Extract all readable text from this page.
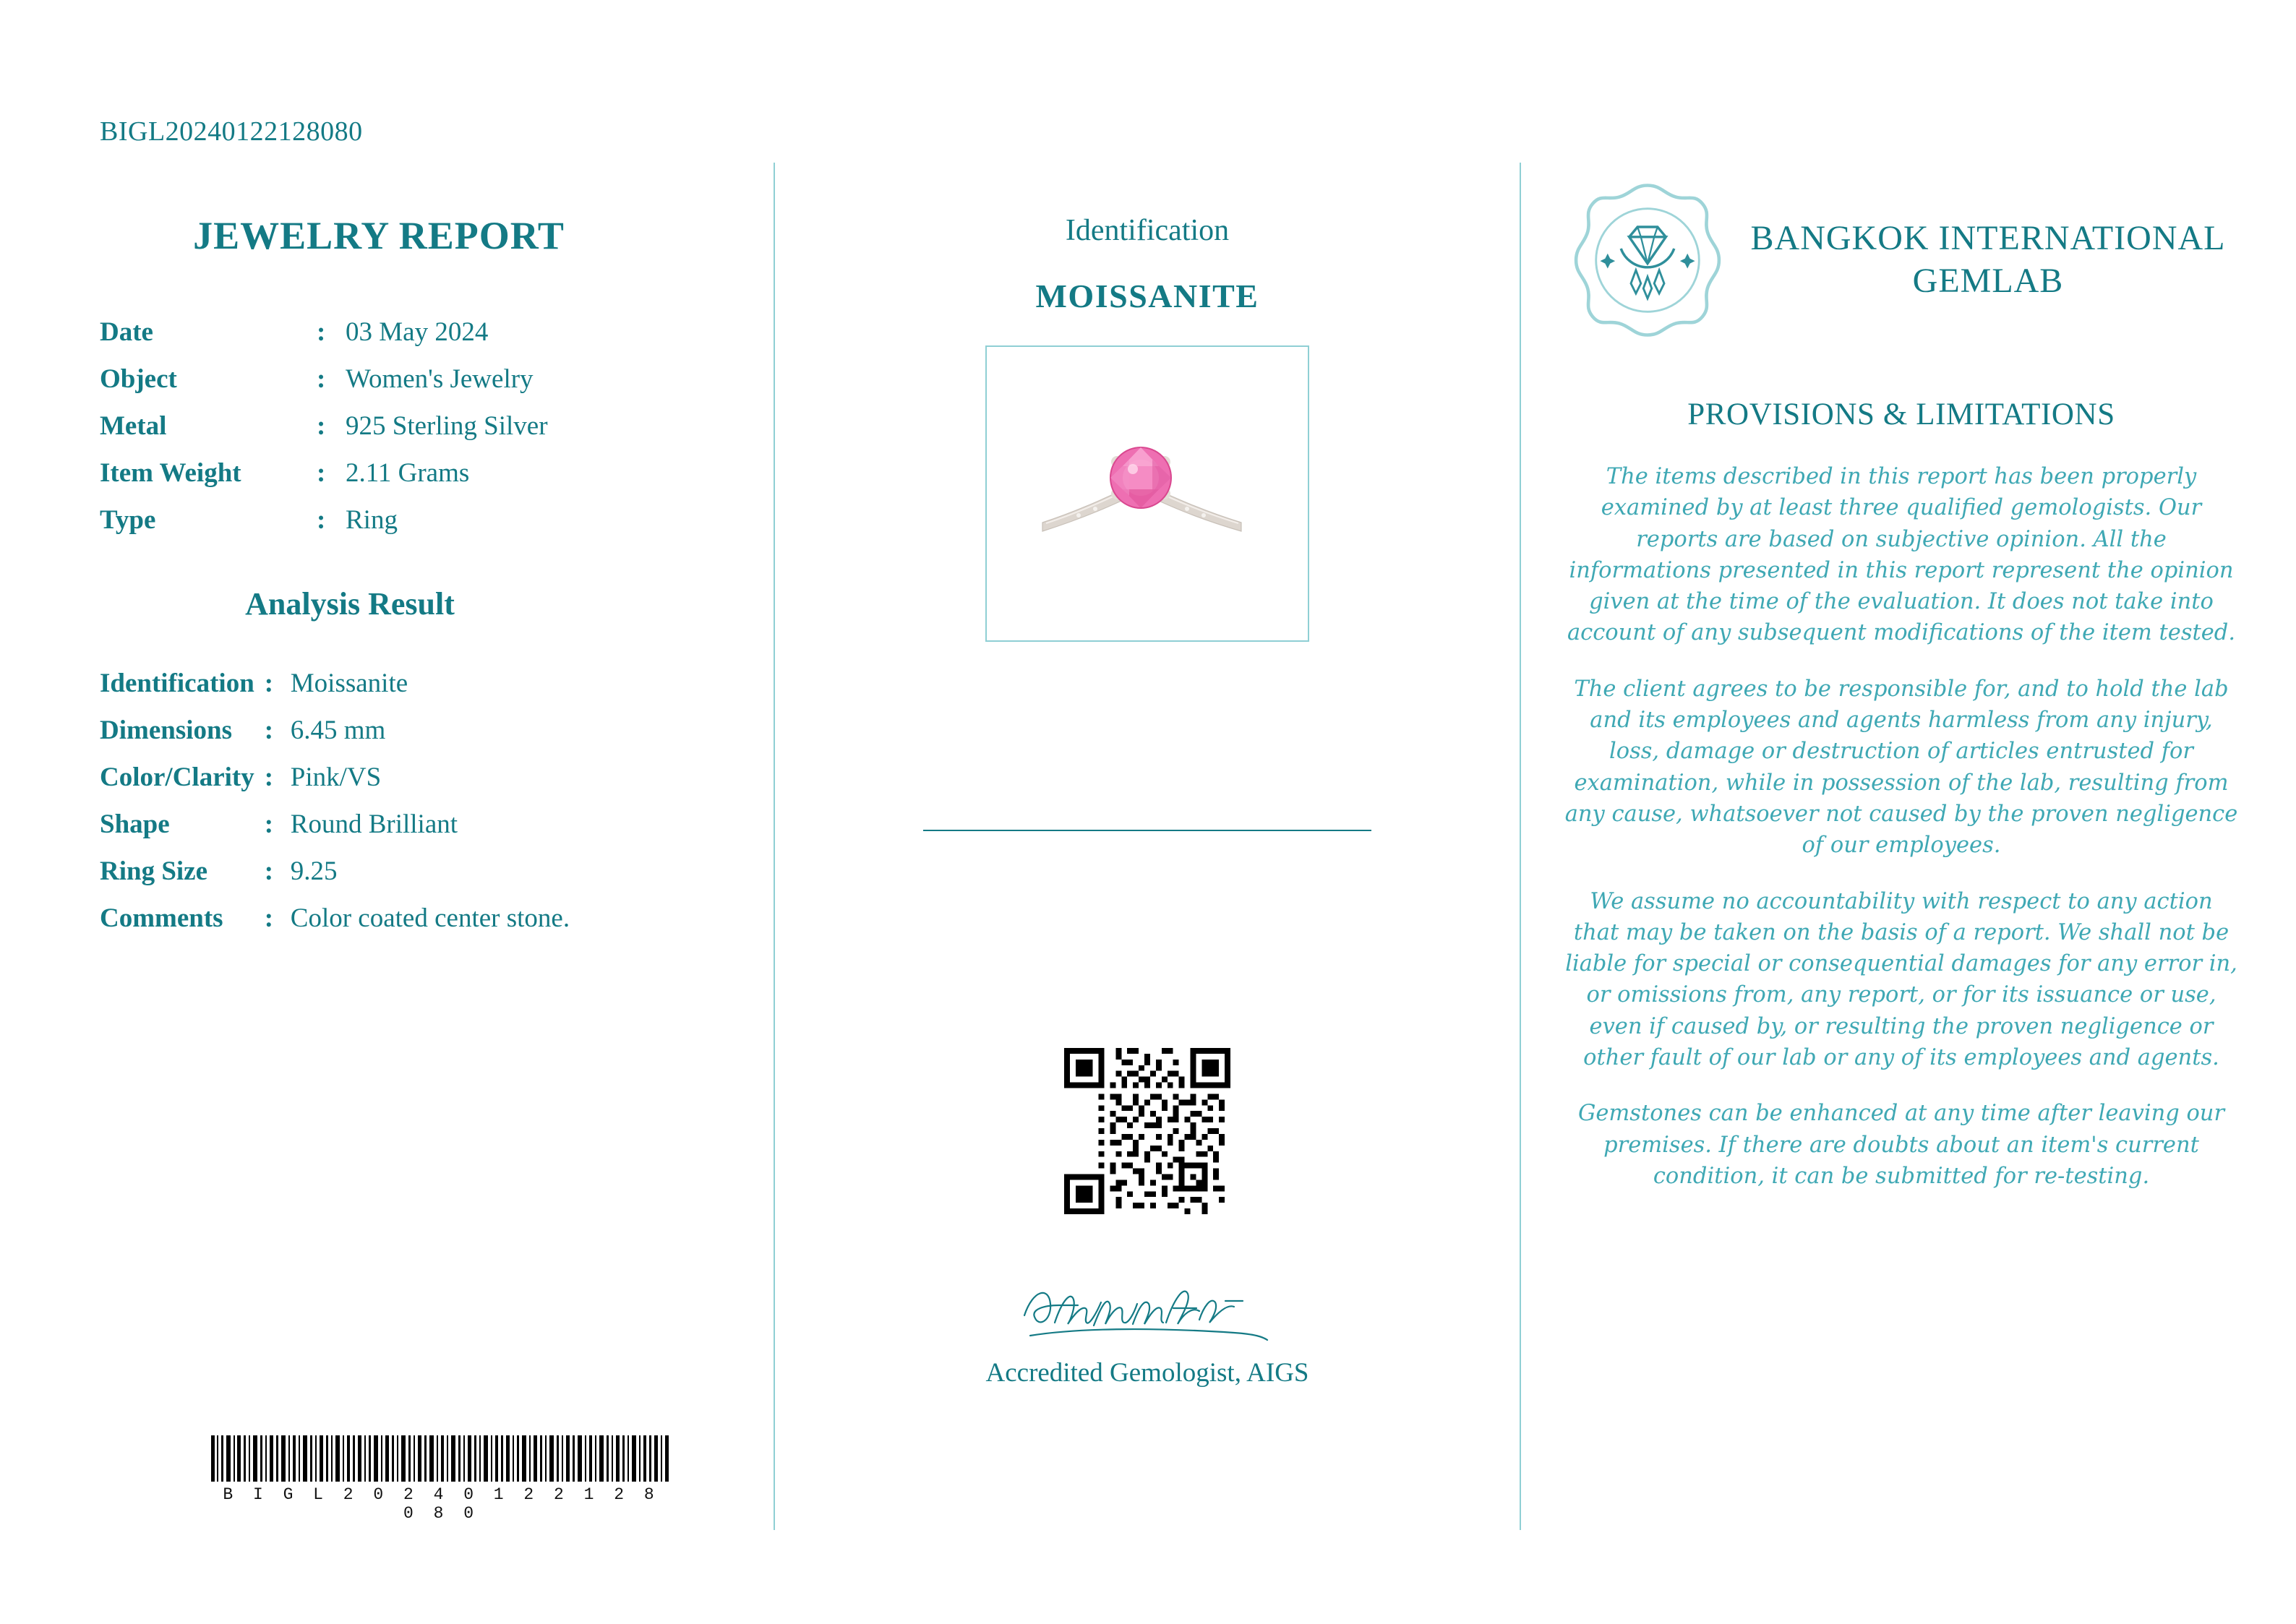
BIGL20240122128080
JEWELRY REPORT
Date	:	03 May 2024
Object	:	Women's Jewelry
Metal	:	925 Sterling Silver
Item Weight	:	2.11 Grams
Type	:	Ring
Analysis Result
Identification	:	Moissanite
Dimensions	:	6.45 mm
Color/Clarity	:	Pink/VS
Shape	:	Round Brilliant
Ring Size	:	9.25
Comments	:	Color coated center stone.
B I G L 2 0 2 4 0 1 2 2 1 2 8 0 8 0
Identification
MOISSANITE
Accredited Gemologist, AIGS
BANGKOK INTERNATIONAL GEMLAB
PROVISIONS & LIMITATIONS

The items described in this report has been properly examined by at least three qualified gemologists. Our reports are based on subjective opinion. All the informations presented in this report represent the opinion given at the time of the evaluation. It does not take into account of any subsequent modifications of the item tested.

The client agrees to be responsible for, and to hold the lab and its employees and agents harmless from any injury, loss, damage or destruction of articles entrusted for examination, while in possession of the lab, resulting from any cause, whatsoever not caused by the proven negligence of our employees.

We assume no accountability with respect to any action that may be taken on the basis of a report. We shall not be liable for special or consequential damages for any error in, or omissions from, any report, or for its issuance or use, even if caused by, or resulting the proven negligence or other fault of our lab or any of its employees and agents.

Gemstones can be enhanced at any time after leaving our premises. If there are doubts about an item's current condition, it can be submitted for re-testing.
